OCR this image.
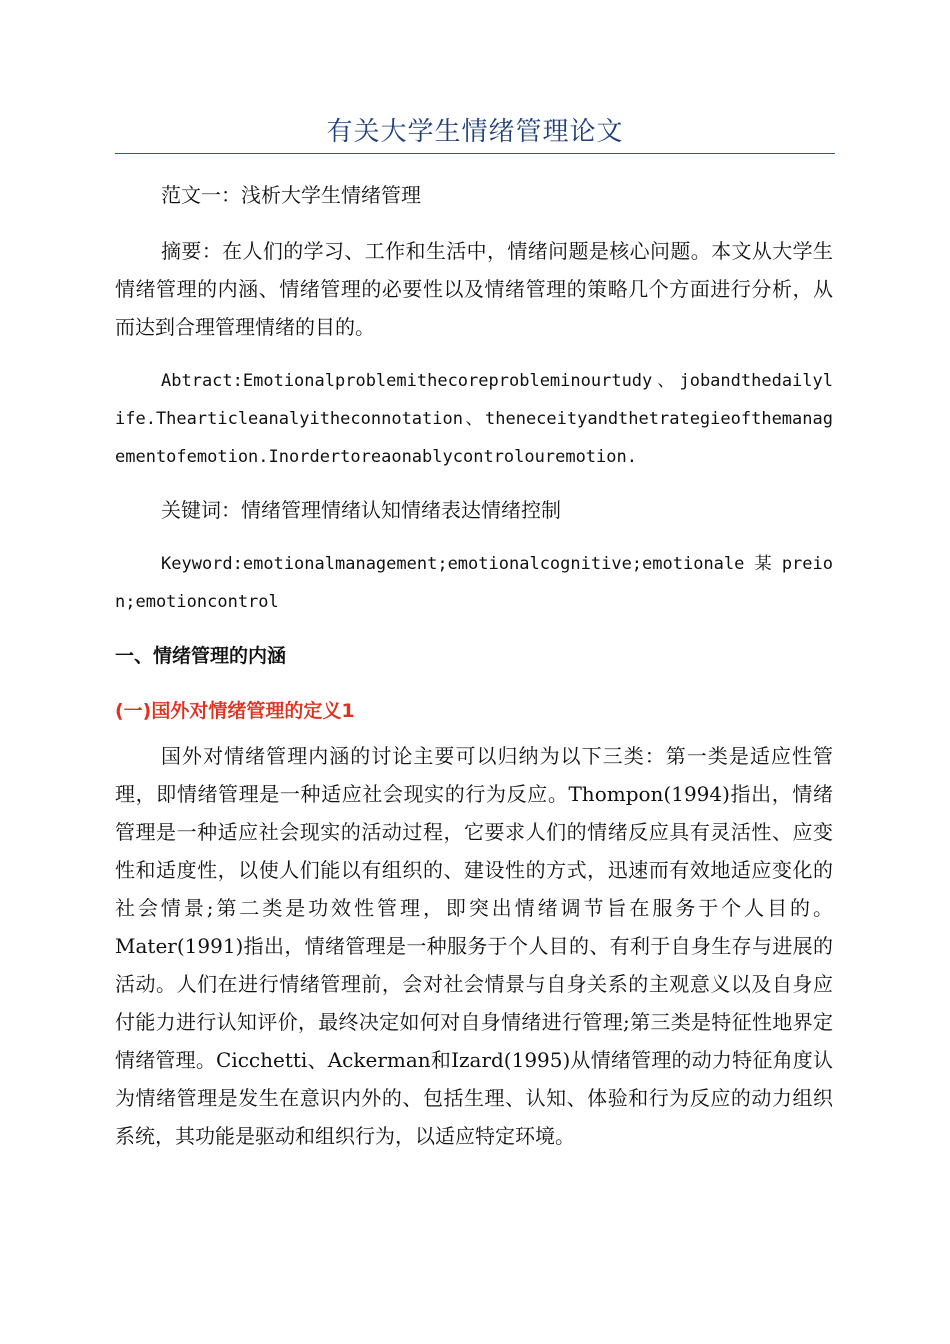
有关大学生情绪管理论文

范文一：浅析大学生情绪管理

摘要：在人们的学习、工作和生活中，情绪问题是核心问题。本文从大学生情绪管理的内涵、情绪管理的必要性以及情绪管理的策略几个方面进行分析，从而达到合理管理情绪的目的。

Abtract:Emotionalproblemithecoreprobleminourtudy、jobandthedailylife.Thearticleanalyitheconnotation、theneceityandthetrategieofthemanagementofemotion.Inordertoreaonablycontrolouremotion.

关键词：情绪管理情绪认知情绪表达情绪控制

Keyword:emotionalmanagement;emotionalcognitive;emotionale某preion;emotioncontrol

一、情绪管理的内涵
(一)国外对情绪管理的定义1

国外对情绪管理内涵的讨论主要可以归纳为以下三类：第一类是适应性管理，即情绪管理是一种适应社会现实的行为反应。Thompon(1994)指出，情绪管理是一种适应社会现实的活动过程，它要求人们的情绪反应具有灵活性、应变性和适度性，以使人们能以有组织的、建设性的方式，迅速而有效地适应变化的社会情景;第二类是功效性管理，即突出情绪调节旨在服务于个人目的。Mater(1991)指出，情绪管理是一种服务于个人目的、有利于自身生存与进展的活动。人们在进行情绪管理前，会对社会情景与自身关系的主观意义以及自身应付能力进行认知评价，最终决定如何对自身情绪进行管理;第三类是特征性地界定情绪管理。Cicchetti、Ackerman和Izard(1995)从情绪管理的动力特征角度认为情绪管理是发生在意识内外的、包括生理、认知、体验和行为反应的动力组织系统，其功能是驱动和组织行为，以适应特定环境。
